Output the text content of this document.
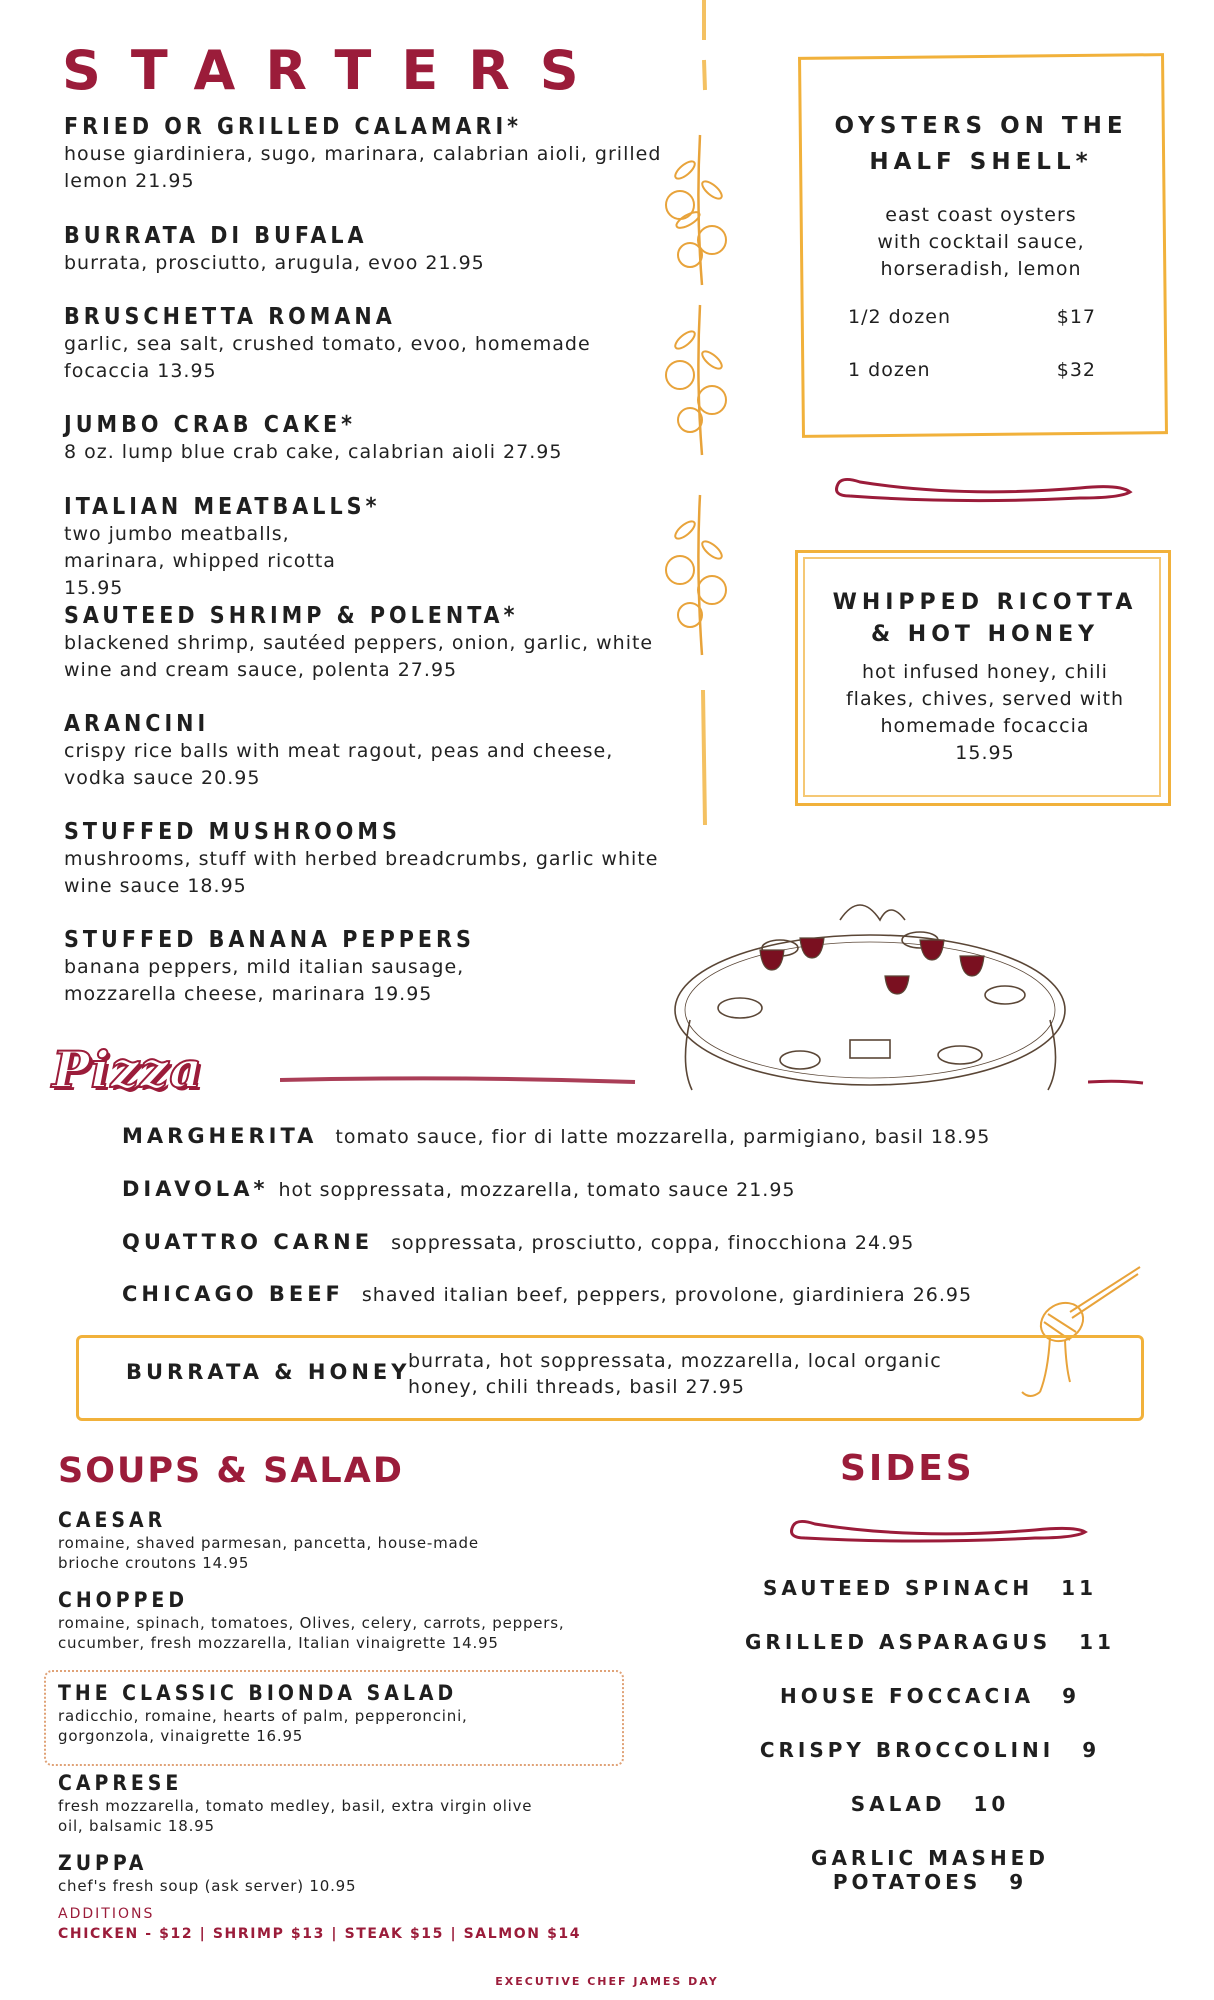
STARTERS

FRIED OR GRILLED CALAMARI*

house giardiniera, sugo, marinara, calabrian aioli, grilled lemon 21.95

BURRATA DI BUFALA

burrata, prosciutto, arugula, evoo 21.95

BRUSCHETTA ROMANA

garlic, sea salt, crushed tomato, evoo, homemade focaccia 13.95

JUMBO CRAB CAKE*

8 oz. lump blue crab cake, calabrian aioli 27.95

ITALIAN MEATBALLS*

two jumbo meatballs, marinara, whipped ricotta 15.95

SAUTEED SHRIMP & POLENTA*

blackened shrimp, sautéed peppers, onion, garlic, white wine and cream sauce, polenta 27.95

ARANCINI

crispy rice balls with meat ragout, peas and cheese, vodka sauce 20.95

STUFFED MUSHROOMS

mushrooms, stuff with herbed breadcrumbs, garlic white wine sauce 18.95

STUFFED BANANA PEPPERS

banana peppers, mild italian sausage, mozzarella cheese, marinara 19.95

OYSTERS ON THE
HALF SHELL*

east coast oysters with cocktail sauce, horseradish, lemon

1/2 dozen	$17
1 dozen	$32
WHIPPED RICOTTA
& HOT HONEY

hot infused honey, chili flakes, chives, served with homemade focaccia

15.95

Pizza
MARGHERITA tomato sauce, fior di latte mozzarella, parmigiano, basil 18.95
DIAVOLA* hot soppressata, mozzarella, tomato sauce 21.95
QUATTRO CARNE soppressata, prosciutto, coppa, finocchiona 24.95
CHICAGO BEEF shaved italian beef, peppers, provolone, giardiniera 26.95
BURRATA & HONEY
burrata, hot soppressata, mozzarella, local organic
honey, chili threads, basil 27.95
SOUPS & SALAD

CAESAR

romaine, shaved parmesan, pancetta, house-made brioche croutons 14.95

CHOPPED

romaine, spinach, tomatoes, Olives, celery, carrots, peppers, cucumber, fresh mozzarella, Italian vinaigrette 14.95

THE CLASSIC BIONDA SALAD

radicchio, romaine, hearts of palm, pepperoncini, gorgonzola, vinaigrette 16.95

CAPRESE

fresh mozzarella, tomato medley, basil, extra virgin olive oil, balsamic 18.95

ZUPPA

chef's fresh soup (ask server) 10.95

ADDITIONS
CHICKEN - $12 | SHRIMP $13 | STEAK $15 | SALMON $14
SIDES
SAUTEED SPINACH 11
GRILLED ASPARAGUS 11
HOUSE FOCCACIA 9
CRISPY BROCCOLINI 9
SALAD 10
GARLIC MASHED POTATOES 9
EXECUTIVE CHEF JAMES DAY
